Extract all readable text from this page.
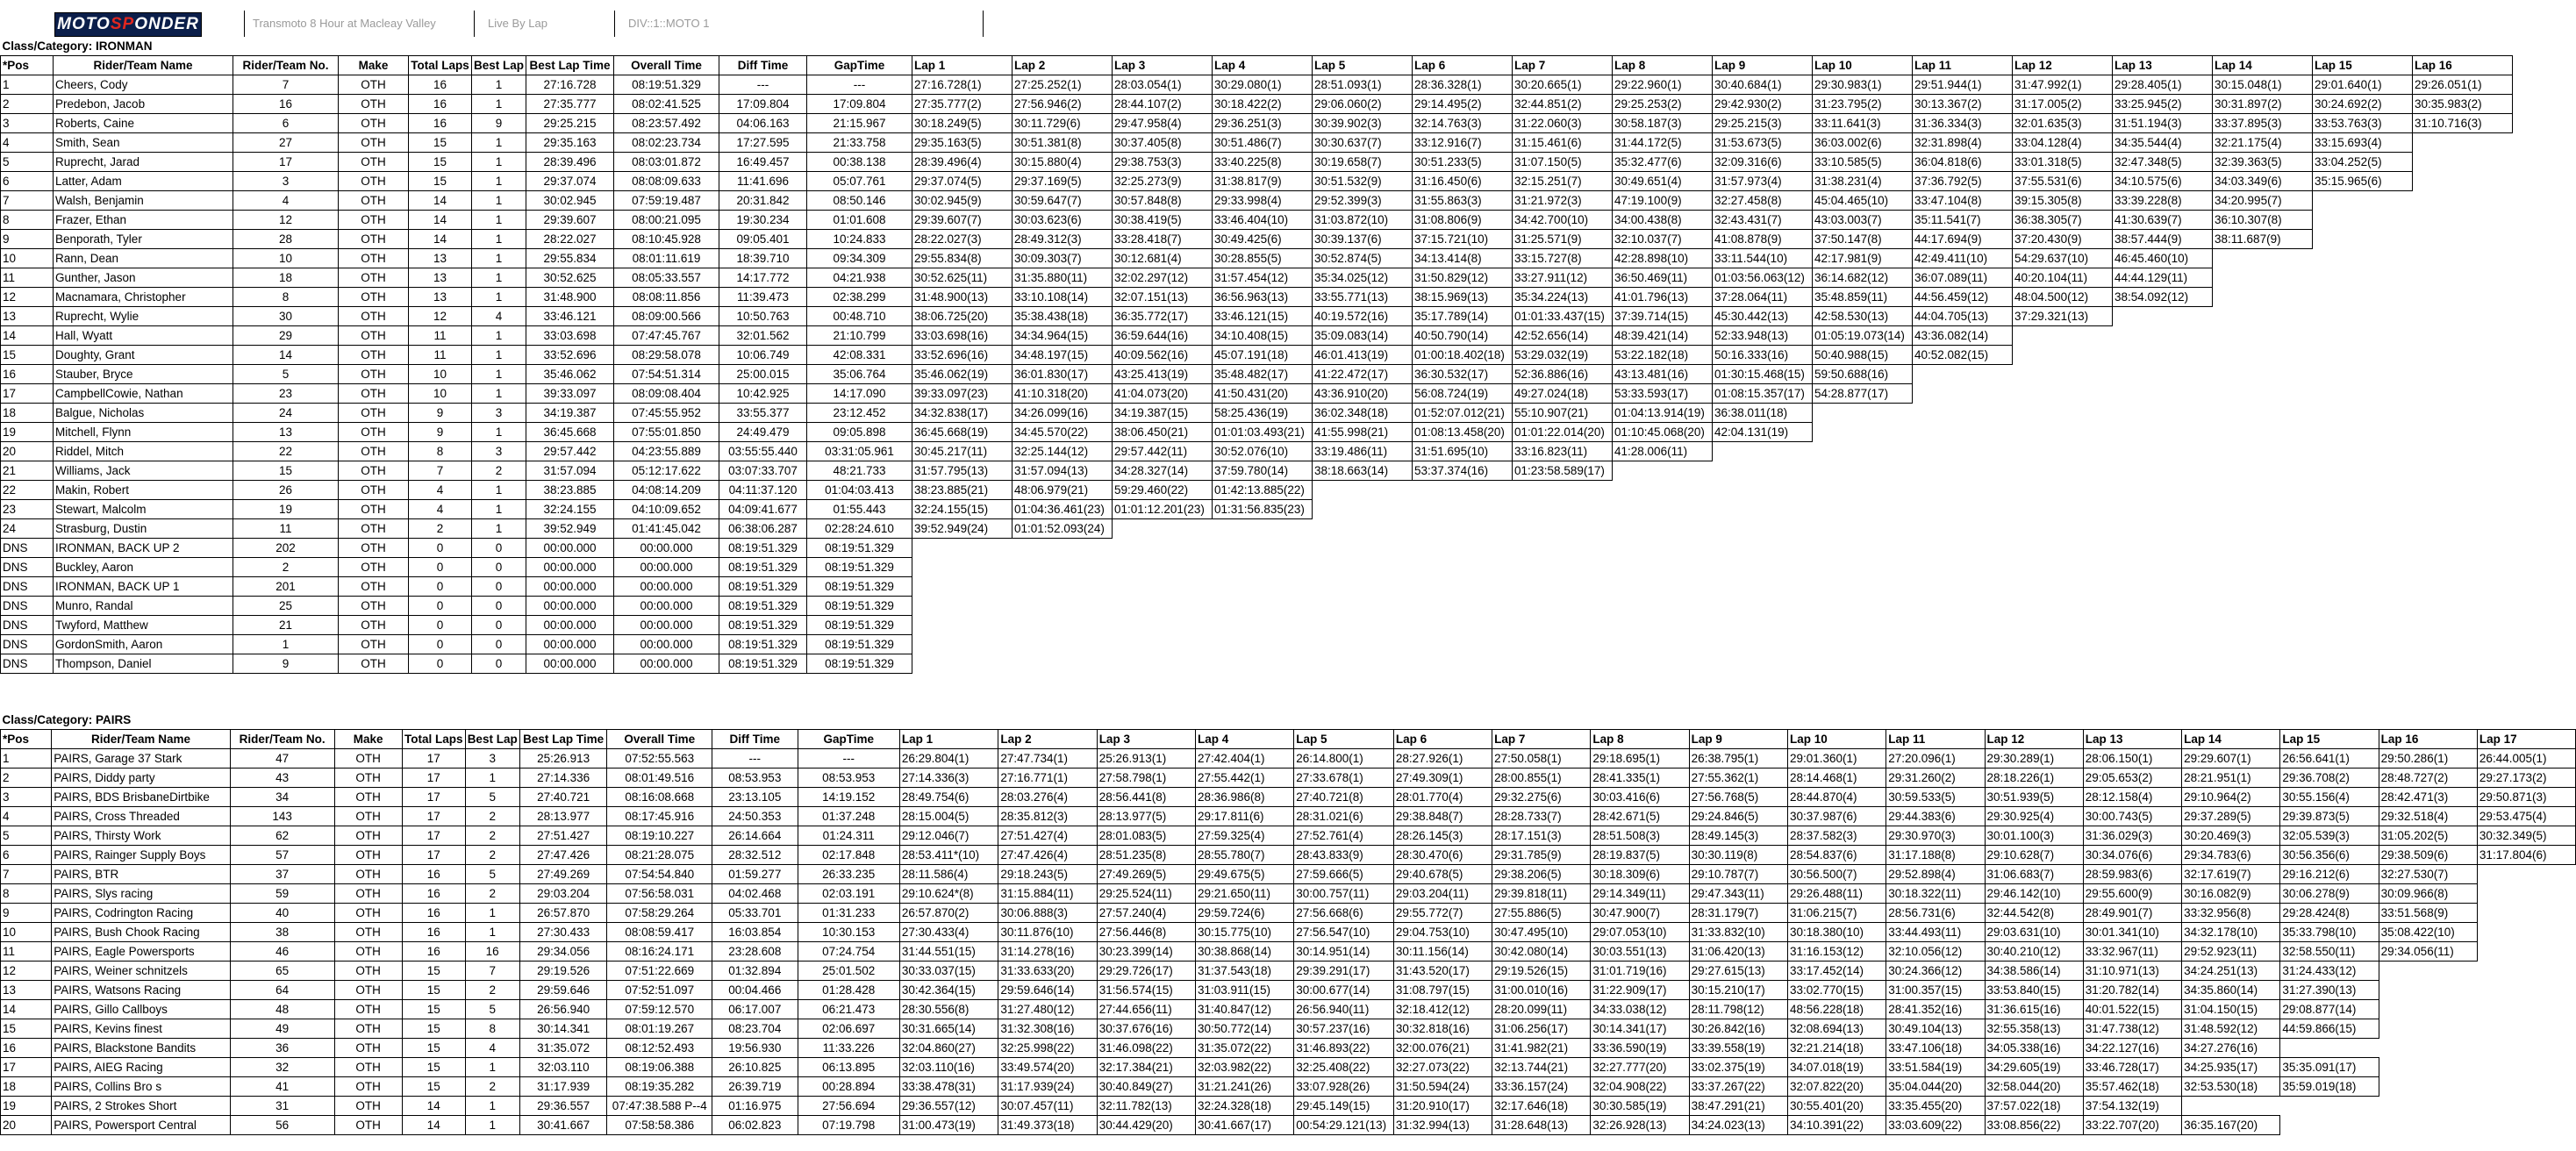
MOTOSPONDER	Transmoto 8 Hour at Macleay Valley	Live By Lap	DIV::1::MOTO 1
Class/Category: IRONMAN																									
*Pos	Rider/Team Name	Rider/Team No.	Make	Total Laps	Best Lap	Best Lap Time	Overall Time	Diff Time	GapTime	Lap 1	Lap 2	Lap 3	Lap 4	Lap 5	Lap 6	Lap 7	Lap 8	Lap 9	Lap 10	Lap 11	Lap 12	Lap 13	Lap 14	Lap 15	Lap 16
1	Cheers, Cody	7	OTH	16	1	27:16.728	08:19:51.329	---	---	27:16.728(1)	27:25.252(1)	28:03.054(1)	30:29.080(1)	28:51.093(1)	28:36.328(1)	30:20.665(1)	29:22.960(1)	30:40.684(1)	29:30.983(1)	29:51.944(1)	31:47.992(1)	29:28.405(1)	30:15.048(1)	29:01.640(1)	29:26.051(1)
2	Predebon, Jacob	16	OTH	16	1	27:35.777	08:02:41.525	17:09.804	17:09.804	27:35.777(2)	27:56.946(2)	28:44.107(2)	30:18.422(2)	29:06.060(2)	29:14.495(2)	32:44.851(2)	29:25.253(2)	29:42.930(2)	31:23.795(2)	30:13.367(2)	31:17.005(2)	33:25.945(2)	30:31.897(2)	30:24.692(2)	30:35.983(2)
3	Roberts, Caine	6	OTH	16	9	29:25.215	08:23:57.492	04:06.163	21:15.967	30:18.249(5)	30:11.729(6)	29:47.958(4)	29:36.251(3)	30:39.902(3)	32:14.763(3)	31:22.060(3)	30:58.187(3)	29:25.215(3)	33:11.641(3)	31:36.334(3)	32:01.635(3)	31:51.194(3)	33:37.895(3)	33:53.763(3)	31:10.716(3)
4	Smith, Sean	27	OTH	15	1	29:35.163	08:02:23.734	17:27.595	21:33.758	29:35.163(5)	30:51.381(8)	30:37.405(8)	30:51.486(7)	30:30.637(7)	33:12.916(7)	31:15.461(6)	31:44.172(5)	31:53.673(5)	36:03.002(6)	32:31.898(4)	33:04.128(4)	34:35.544(4)	32:21.175(4)	33:15.693(4)	
5	Ruprecht, Jarad	17	OTH	15	1	28:39.496	08:03:01.872	16:49.457	00:38.138	28:39.496(4)	30:15.880(4)	29:38.753(3)	33:40.225(8)	30:19.658(7)	30:51.233(5)	31:07.150(5)	35:32.477(6)	32:09.316(6)	33:10.585(5)	36:04.818(6)	33:01.318(5)	32:47.348(5)	32:39.363(5)	33:04.252(5)	
6	Latter, Adam	3	OTH	15	1	29:37.074	08:08:09.633	11:41.696	05:07.761	29:37.074(5)	29:37.169(5)	32:25.273(9)	31:38.817(9)	30:51.532(9)	31:16.450(6)	32:15.251(7)	30:49.651(4)	31:57.973(4)	31:38.231(4)	37:36.792(5)	37:55.531(6)	34:10.575(6)	34:03.349(6)	35:15.965(6)	
7	Walsh, Benjamin	4	OTH	14	1	30:02.945	07:59:19.487	20:31.842	08:50.146	30:02.945(9)	30:59.647(7)	30:57.848(8)	29:33.998(4)	29:52.399(3)	31:55.863(3)	31:21.972(3)	47:19.100(9)	32:27.458(8)	45:04.465(10)	33:47.104(8)	39:15.305(8)	33:39.228(8)	34:20.995(7)		
8	Frazer, Ethan	12	OTH	14	1	29:39.607	08:00:21.095	19:30.234	01:01.608	29:39.607(7)	30:03.623(6)	30:38.419(5)	33:46.404(10)	31:03.872(10)	31:08.806(9)	34:42.700(10)	34:00.438(8)	32:43.431(7)	43:03.003(7)	35:11.541(7)	36:38.305(7)	41:30.639(7)	36:10.307(8)		
9	Benporath, Tyler	28	OTH	14	1	28:22.027	08:10:45.928	09:05.401	10:24.833	28:22.027(3)	28:49.312(3)	33:28.418(7)	30:49.425(6)	30:39.137(6)	37:15.721(10)	31:25.571(9)	32:10.037(7)	41:08.878(9)	37:50.147(8)	44:17.694(9)	37:20.430(9)	38:57.444(9)	38:11.687(9)		
10	Rann, Dean	10	OTH	13	1	29:55.834	08:01:11.619	18:39.710	09:34.309	29:55.834(8)	30:09.303(7)	30:12.681(4)	30:28.855(5)	30:52.874(5)	34:13.414(8)	33:15.727(8)	42:28.898(10)	33:11.544(10)	42:17.981(9)	42:49.411(10)	54:29.637(10)	46:45.460(10)			
11	Gunther, Jason	18	OTH	13	1	30:52.625	08:05:33.557	14:17.772	04:21.938	30:52.625(11)	31:35.880(11)	32:02.297(12)	31:57.454(12)	35:34.025(12)	31:50.829(12)	33:27.911(12)	36:50.469(11)	01:03:56.063(12)	36:14.682(12)	36:07.089(11)	40:20.104(11)	44:44.129(11)			
12	Macnamara, Christopher	8	OTH	13	1	31:48.900	08:08:11.856	11:39.473	02:38.299	31:48.900(13)	33:10.108(14)	32:07.151(13)	36:56.963(13)	33:55.771(13)	38:15.969(13)	35:34.224(13)	41:01.796(13)	37:28.064(11)	35:48.859(11)	44:56.459(12)	48:04.500(12)	38:54.092(12)			
13	Ruprecht, Wylie	30	OTH	12	4	33:46.121	08:09:00.566	10:50.763	00:48.710	38:06.725(20)	35:38.438(18)	36:35.772(17)	33:46.121(15)	40:19.572(16)	35:17.789(14)	01:01:33.437(15)	37:39.714(15)	45:30.442(13)	42:58.530(13)	44:04.705(13)	37:29.321(13)				
14	Hall, Wyatt	29	OTH	11	1	33:03.698	07:47:45.767	32:01.562	21:10.799	33:03.698(16)	34:34.964(15)	36:59.644(16)	34:10.408(15)	35:09.083(14)	40:50.790(14)	42:52.656(14)	48:39.421(14)	52:33.948(13)	01:05:19.073(14)	43:36.082(14)					
15	Doughty, Grant	14	OTH	11	1	33:52.696	08:29:58.078	10:06.749	42:08.331	33:52.696(16)	34:48.197(15)	40:09.562(16)	45:07.191(18)	46:01.413(19)	01:00:18.402(18)	53:29.032(19)	53:22.182(18)	50:16.333(16)	50:40.988(15)	40:52.082(15)					
16	Stauber, Bryce	5	OTH	10	1	35:46.062	07:54:51.314	25:00.015	35:06.764	35:46.062(19)	36:01.830(17)	43:25.413(19)	35:48.482(17)	41:22.472(17)	36:30.532(17)	52:36.886(16)	43:13.481(16)	01:30:15.468(15)	59:50.688(16)						
17	CampbellCowie, Nathan	23	OTH	10	1	39:33.097	08:09:08.404	10:42.925	14:17.090	39:33.097(23)	41:10.318(20)	41:04.073(20)	41:50.431(20)	43:36.910(20)	56:08.724(19)	49:27.024(18)	53:33.593(17)	01:08:15.357(17)	54:28.877(17)						
18	Balgue, Nicholas	24	OTH	9	3	34:19.387	07:45:55.952	33:55.377	23:12.452	34:32.838(17)	34:26.099(16)	34:19.387(15)	58:25.436(19)	36:02.348(18)	01:52:07.012(21)	55:10.907(21)	01:04:13.914(19)	36:38.011(18)							
19	Mitchell, Flynn	13	OTH	9	1	36:45.668	07:55:01.850	24:49.479	09:05.898	36:45.668(19)	34:45.570(22)	38:06.450(21)	01:01:03.493(21)	41:55.998(21)	01:08:13.458(20)	01:01:22.014(20)	01:10:45.068(20)	42:04.131(19)							
20	Riddel, Mitch	22	OTH	8	3	29:57.442	04:23:55.889	03:55:55.440	03:31:05.961	30:45.217(11)	32:25.144(12)	29:57.442(11)	30:52.076(10)	33:19.486(11)	31:51.695(10)	33:16.823(11)	41:28.006(11)								
21	Williams, Jack	15	OTH	7	2	31:57.094	05:12:17.622	03:07:33.707	48:21.733	31:57.795(13)	31:57.094(13)	34:28.327(14)	37:59.780(14)	38:18.663(14)	53:37.374(16)	01:23:58.589(17)									
22	Makin, Robert	26	OTH	4	1	38:23.885	04:08:14.209	04:11:37.120	01:04:03.413	38:23.885(21)	48:06.979(21)	59:29.460(22)	01:42:13.885(22)												
23	Stewart, Malcolm	19	OTH	4	1	32:24.155	04:10:09.652	04:09:41.677	01:55.443	32:24.155(15)	01:04:36.461(23)	01:01:12.201(23)	01:31:56.835(23)												
24	Strasburg, Dustin	11	OTH	2	1	39:52.949	01:41:45.042	06:38:06.287	02:28:24.610	39:52.949(24)	01:01:52.093(24)														
DNS	IRONMAN, BACK UP 2	202	OTH	0	0	00:00.000	00:00.000	08:19:51.329	08:19:51.329																
DNS	Buckley, Aaron	2	OTH	0	0	00:00.000	00:00.000	08:19:51.329	08:19:51.329																
DNS	IRONMAN, BACK UP 1	201	OTH	0	0	00:00.000	00:00.000	08:19:51.329	08:19:51.329																
DNS	Munro, Randal	25	OTH	0	0	00:00.000	00:00.000	08:19:51.329	08:19:51.329																
DNS	Twyford, Matthew	21	OTH	0	0	00:00.000	00:00.000	08:19:51.329	08:19:51.329																
DNS	GordonSmith, Aaron	1	OTH	0	0	00:00.000	00:00.000	08:19:51.329	08:19:51.329																
DNS	Thompson, Daniel	9	OTH	0	0	00:00.000	00:00.000	08:19:51.329	08:19:51.329																
Class/Category: PAIRS																										
*Pos	Rider/Team Name	Rider/Team No.	Make	Total Laps	Best Lap	Best Lap Time	Overall Time	Diff Time	GapTime	Lap 1	Lap 2	Lap 3	Lap 4	Lap 5	Lap 6	Lap 7	Lap 8	Lap 9	Lap 10	Lap 11	Lap 12	Lap 13	Lap 14	Lap 15	Lap 16	Lap 17
1	PAIRS, Garage 37 Stark	47	OTH	17	3	25:26.913	07:52:55.563	---	---	26:29.804(1)	27:47.734(1)	25:26.913(1)	27:42.404(1)	26:14.800(1)	28:27.926(1)	27:50.058(1)	29:18.695(1)	26:38.795(1)	29:01.360(1)	27:20.096(1)	29:30.289(1)	28:06.150(1)	29:29.607(1)	26:56.641(1)	29:50.286(1)	26:44.005(1)
2	PAIRS, Diddy party	43	OTH	17	1	27:14.336	08:01:49.516	08:53.953	08:53.953	27:14.336(3)	27:16.771(1)	27:58.798(1)	27:55.442(1)	27:33.678(1)	27:49.309(1)	28:00.855(1)	28:41.335(1)	27:55.362(1)	28:14.468(1)	29:31.260(2)	28:18.226(1)	29:05.653(2)	28:21.951(1)	29:36.708(2)	28:48.727(2)	29:27.173(2)
3	PAIRS, BDS BrisbaneDirtbike	34	OTH	17	5	27:40.721	08:16:08.668	23:13.105	14:19.152	28:49.754(6)	28:03.276(4)	28:56.441(8)	28:36.986(8)	27:40.721(8)	28:01.770(4)	29:32.275(6)	30:03.416(6)	27:56.768(5)	28:44.870(4)	30:59.533(5)	30:51.939(5)	28:12.158(4)	29:10.964(2)	30:55.156(4)	28:42.471(3)	29:50.871(3)
4	PAIRS, Cross Threaded	143	OTH	17	2	28:13.977	08:17:45.916	24:50.353	01:37.248	28:15.004(5)	28:35.812(3)	28:13.977(5)	29:17.811(6)	28:31.021(6)	29:38.848(7)	28:28.733(7)	28:42.671(5)	29:24.846(5)	30:37.987(6)	29:44.383(6)	29:30.925(4)	30:00.743(5)	29:37.289(5)	29:39.873(5)	29:32.518(4)	29:53.475(4)
5	PAIRS, Thirsty Work	62	OTH	17	2	27:51.427	08:19:10.227	26:14.664	01:24.311	29:12.046(7)	27:51.427(4)	28:01.083(5)	27:59.325(4)	27:52.761(4)	28:26.145(3)	28:17.151(3)	28:51.508(3)	28:49.145(3)	28:37.582(3)	29:30.970(3)	30:01.100(3)	31:36.029(3)	30:20.469(3)	32:05.539(3)	31:05.202(5)	30:32.349(5)
6	PAIRS, Rainger Supply Boys	57	OTH	17	2	27:47.426	08:21:28.075	28:32.512	02:17.848	28:53.411*(10)	27:47.426(4)	28:51.235(8)	28:55.780(7)	28:43.833(9)	28:30.470(6)	29:31.785(9)	28:19.837(5)	30:30.119(8)	28:54.837(6)	31:17.188(8)	29:10.628(7)	30:34.076(6)	29:34.783(6)	30:56.356(6)	29:38.509(6)	31:17.804(6)
7	PAIRS, BTR	37	OTH	16	5	27:49.269	07:54:54.840	01:59.277	26:33.235	28:11.586(4)	29:18.243(5)	27:49.269(5)	29:49.675(5)	27:59.666(5)	29:40.678(5)	29:38.206(5)	30:18.309(6)	29:10.787(7)	30:56.500(7)	29:52.898(4)	31:06.683(7)	28:59.983(6)	32:17.619(7)	29:16.212(6)	32:27.530(7)	
8	PAIRS, Slys racing	59	OTH	16	2	29:03.204	07:56:58.031	04:02.468	02:03.191	29:10.624*(8)	31:15.884(11)	29:25.524(11)	29:21.650(11)	30:00.757(11)	29:03.204(11)	29:39.818(11)	29:14.349(11)	29:47.343(11)	29:26.488(11)	30:18.322(11)	29:46.142(10)	29:55.600(9)	30:16.082(9)	30:06.278(9)	30:09.966(8)	
9	PAIRS, Codrington Racing	40	OTH	16	1	26:57.870	07:58:29.264	05:33.701	01:31.233	26:57.870(2)	30:06.888(3)	27:57.240(4)	29:59.724(6)	27:56.668(6)	29:55.772(7)	27:55.886(5)	30:47.900(7)	28:31.179(7)	31:06.215(7)	28:56.731(6)	32:44.542(8)	28:49.901(7)	33:32.956(8)	29:28.424(8)	33:51.568(9)	
10	PAIRS, Bush Chook Racing	38	OTH	16	1	27:30.433	08:08:59.417	16:03.854	10:30.153	27:30.433(4)	30:11.876(10)	27:56.446(8)	30:15.775(10)	27:56.547(10)	29:04.753(10)	30:47.495(10)	29:07.053(10)	31:33.832(10)	30:18.380(10)	33:44.493(11)	29:03.631(10)	30:01.341(10)	34:32.178(10)	35:33.798(10)	35:08.422(10)	
11	PAIRS, Eagle Powersports	46	OTH	16	16	29:34.056	08:16:24.171	23:28.608	07:24.754	31:44.551(15)	31:14.278(16)	30:23.399(14)	30:38.868(14)	30:14.951(14)	30:11.156(14)	30:42.080(14)	30:03.551(13)	31:06.420(13)	31:16.153(12)	32:10.056(12)	30:40.210(12)	33:32.967(11)	29:52.923(11)	32:58.550(11)	29:34.056(11)	
12	PAIRS, Weiner schnitzels	65	OTH	15	7	29:19.526	07:51:22.669	01:32.894	25:01.502	30:33.037(15)	31:33.633(20)	29:29.726(17)	31:37.543(18)	29:39.291(17)	31:43.520(17)	29:19.526(15)	31:01.719(16)	29:27.615(13)	33:17.452(14)	30:24.366(12)	34:38.586(14)	31:10.971(13)	34:24.251(13)	31:24.433(12)		
13	PAIRS, Watsons Racing	64	OTH	15	2	29:59.646	07:52:51.097	00:04.466	01:28.428	30:42.364(15)	29:59.646(14)	31:56.574(15)	31:03.911(15)	30:00.677(14)	31:08.797(15)	31:00.010(16)	31:22.909(17)	30:15.210(17)	33:02.770(15)	31:00.357(15)	33:53.840(15)	31:20.782(14)	34:35.860(14)	31:27.390(13)		
14	PAIRS, Gillo Callboys	48	OTH	15	5	26:56.940	07:59:12.570	06:17.007	06:21.473	28:30.556(8)	31:27.480(12)	27:44.656(11)	31:40.847(12)	26:56.940(11)	32:18.412(12)	28:20.099(11)	34:33.038(12)	28:11.798(12)	48:56.228(18)	28:41.352(16)	31:36.615(16)	40:01.522(15)	31:04.150(15)	29:08.877(14)		
15	PAIRS, Kevins finest	49	OTH	15	8	30:14.341	08:01:19.267	08:23.704	02:06.697	30:31.665(14)	31:32.308(16)	30:37.676(16)	30:50.772(14)	30:57.237(16)	30:32.818(16)	31:06.256(17)	30:14.341(17)	30:26.842(16)	32:08.694(13)	30:49.104(13)	32:55.358(13)	31:47.738(12)	31:48.592(12)	44:59.866(15)		
16	PAIRS, Blackstone Bandits	36	OTH	15	4	31:35.072	08:12:52.493	19:56.930	11:33.226	32:04.860(27)	32:25.998(22)	31:46.098(22)	31:35.072(22)	31:46.893(22)	32:00.076(21)	31:41.982(21)	33:36.590(19)	33:39.558(19)	32:21.214(18)	33:47.106(18)	34:05.338(16)	34:22.127(16)	34:27.276(16)			
17	PAIRS, AIEG Racing	32	OTH	15	1	32:03.110	08:19:06.388	26:10.825	06:13.895	32:03.110(16)	33:49.574(20)	32:17.384(21)	32:03.982(22)	32:25.408(22)	32:27.073(22)	32:13.744(21)	32:27.777(20)	33:02.375(19)	34:07.018(19)	33:51.584(19)	34:29.605(19)	33:46.728(17)	34:25.935(17)	35:35.091(17)		
18	PAIRS, Collins Bro s	41	OTH	15	2	31:17.939	08:19:35.282	26:39.719	00:28.894	33:38.478(31)	31:17.939(24)	30:40.849(27)	31:21.241(26)	33:07.928(26)	31:50.594(24)	33:36.157(24)	32:04.908(22)	33:37.267(22)	32:07.822(20)	35:04.044(20)	32:58.044(20)	35:57.462(18)	32:53.530(18)	35:59.019(18)		
19	PAIRS, 2 Strokes Short	31	OTH	14	1	29:36.557	07:47:38.588 P--4	01:16.975	27:56.694	29:36.557(12)	30:07.457(11)	32:11.782(13)	32:24.328(18)	29:45.149(15)	31:20.910(17)	32:17.646(18)	30:30.585(19)	38:47.291(21)	30:55.401(20)	33:35.455(20)	37:57.022(18)	37:54.132(19)				
20	PAIRS, Powersport Central	56	OTH	14	1	30:41.667	07:58:58.386	06:02.823	07:19.798	31:00.473(19)	31:49.373(18)	30:44.429(20)	30:41.667(17)	00:54:29.121(13)	31:32.994(13)	31:28.648(13)	32:26.928(13)	34:24.023(13)	34:10.391(22)	33:03.609(22)	33:08.856(22)	33:22.707(20)	36:35.167(20)			
